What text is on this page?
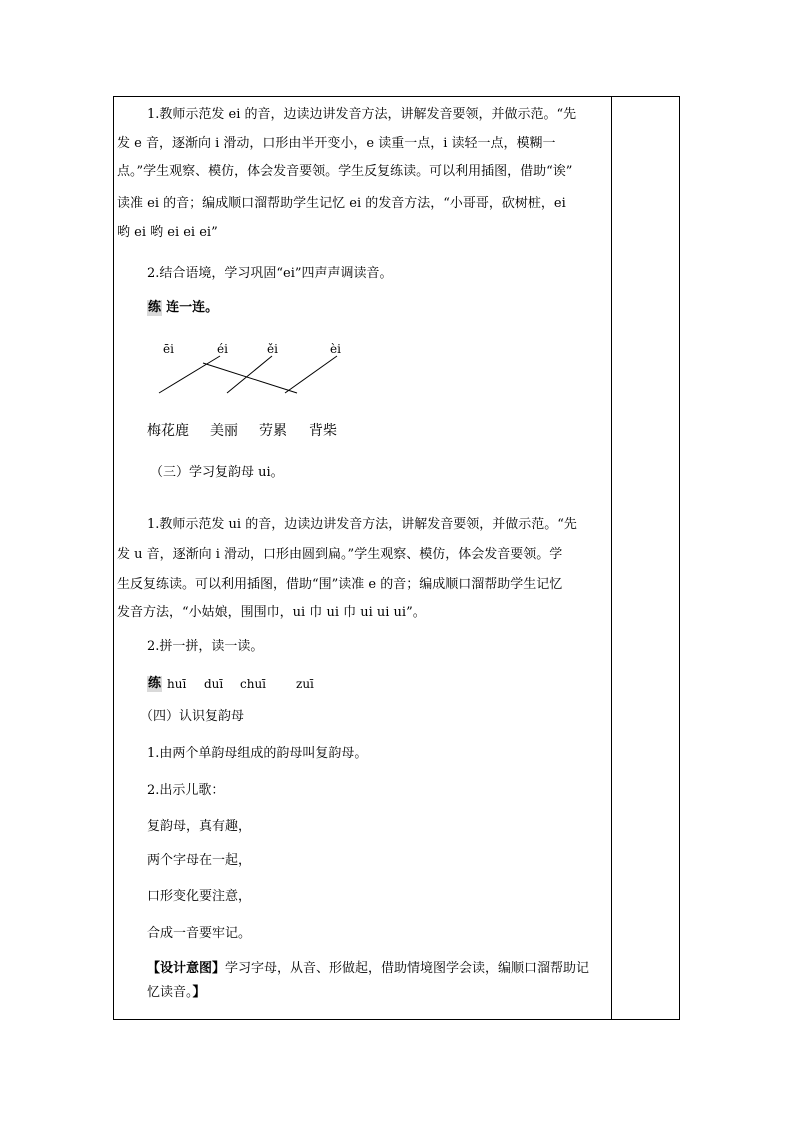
1.教师示范发 ei 的音，边读边讲发音方法，讲解发音要领，并做示范。“先
发 e 音，逐渐向 i 滑动，口形由半开变小，e 读重一点，i 读轻一点，模糊一
点。”学生观察、模仿，体会发音要领。学生反复练读。可以利用插图，借助“诶”
读准 ei 的音；编成顺口溜帮助学生记忆 ei 的发音方法，“小哥哥，砍树桩，ei
哟 ei 哟 ei ei ei”
2.结合语境，学习巩固“ei”四声声调读音。
练 连一连。
ēi	éi	ěi	èi
梅花鹿 美丽 劳累 背柴
（三）学习复韵母 ui。
1.教师示范发 ui 的音，边读边讲发音方法，讲解发音要领，并做示范。“先
发 u 音，逐渐向 i 滑动，口形由圆到扁。”学生观察、模仿，体会发音要领。学
生反复练读。可以利用插图，借助“围”读准 e 的音；编成顺口溜帮助学生记忆
发音方法，“小姑娘，围围巾，ui 巾 ui 巾 ui ui ui”。
2.拼一拼，读一读。
练 huī duī chuī zuī
（四）认识复韵母
1.由两个单韵母组成的韵母叫复韵母。
2.出示儿歌：
复韵母，真有趣，
两个字母在一起，
口形变化要注意，
合成一音要牢记。
【设计意图】学习字母，从音、形做起，借助情境图学会读，编顺口溜帮助记忆读音。】
